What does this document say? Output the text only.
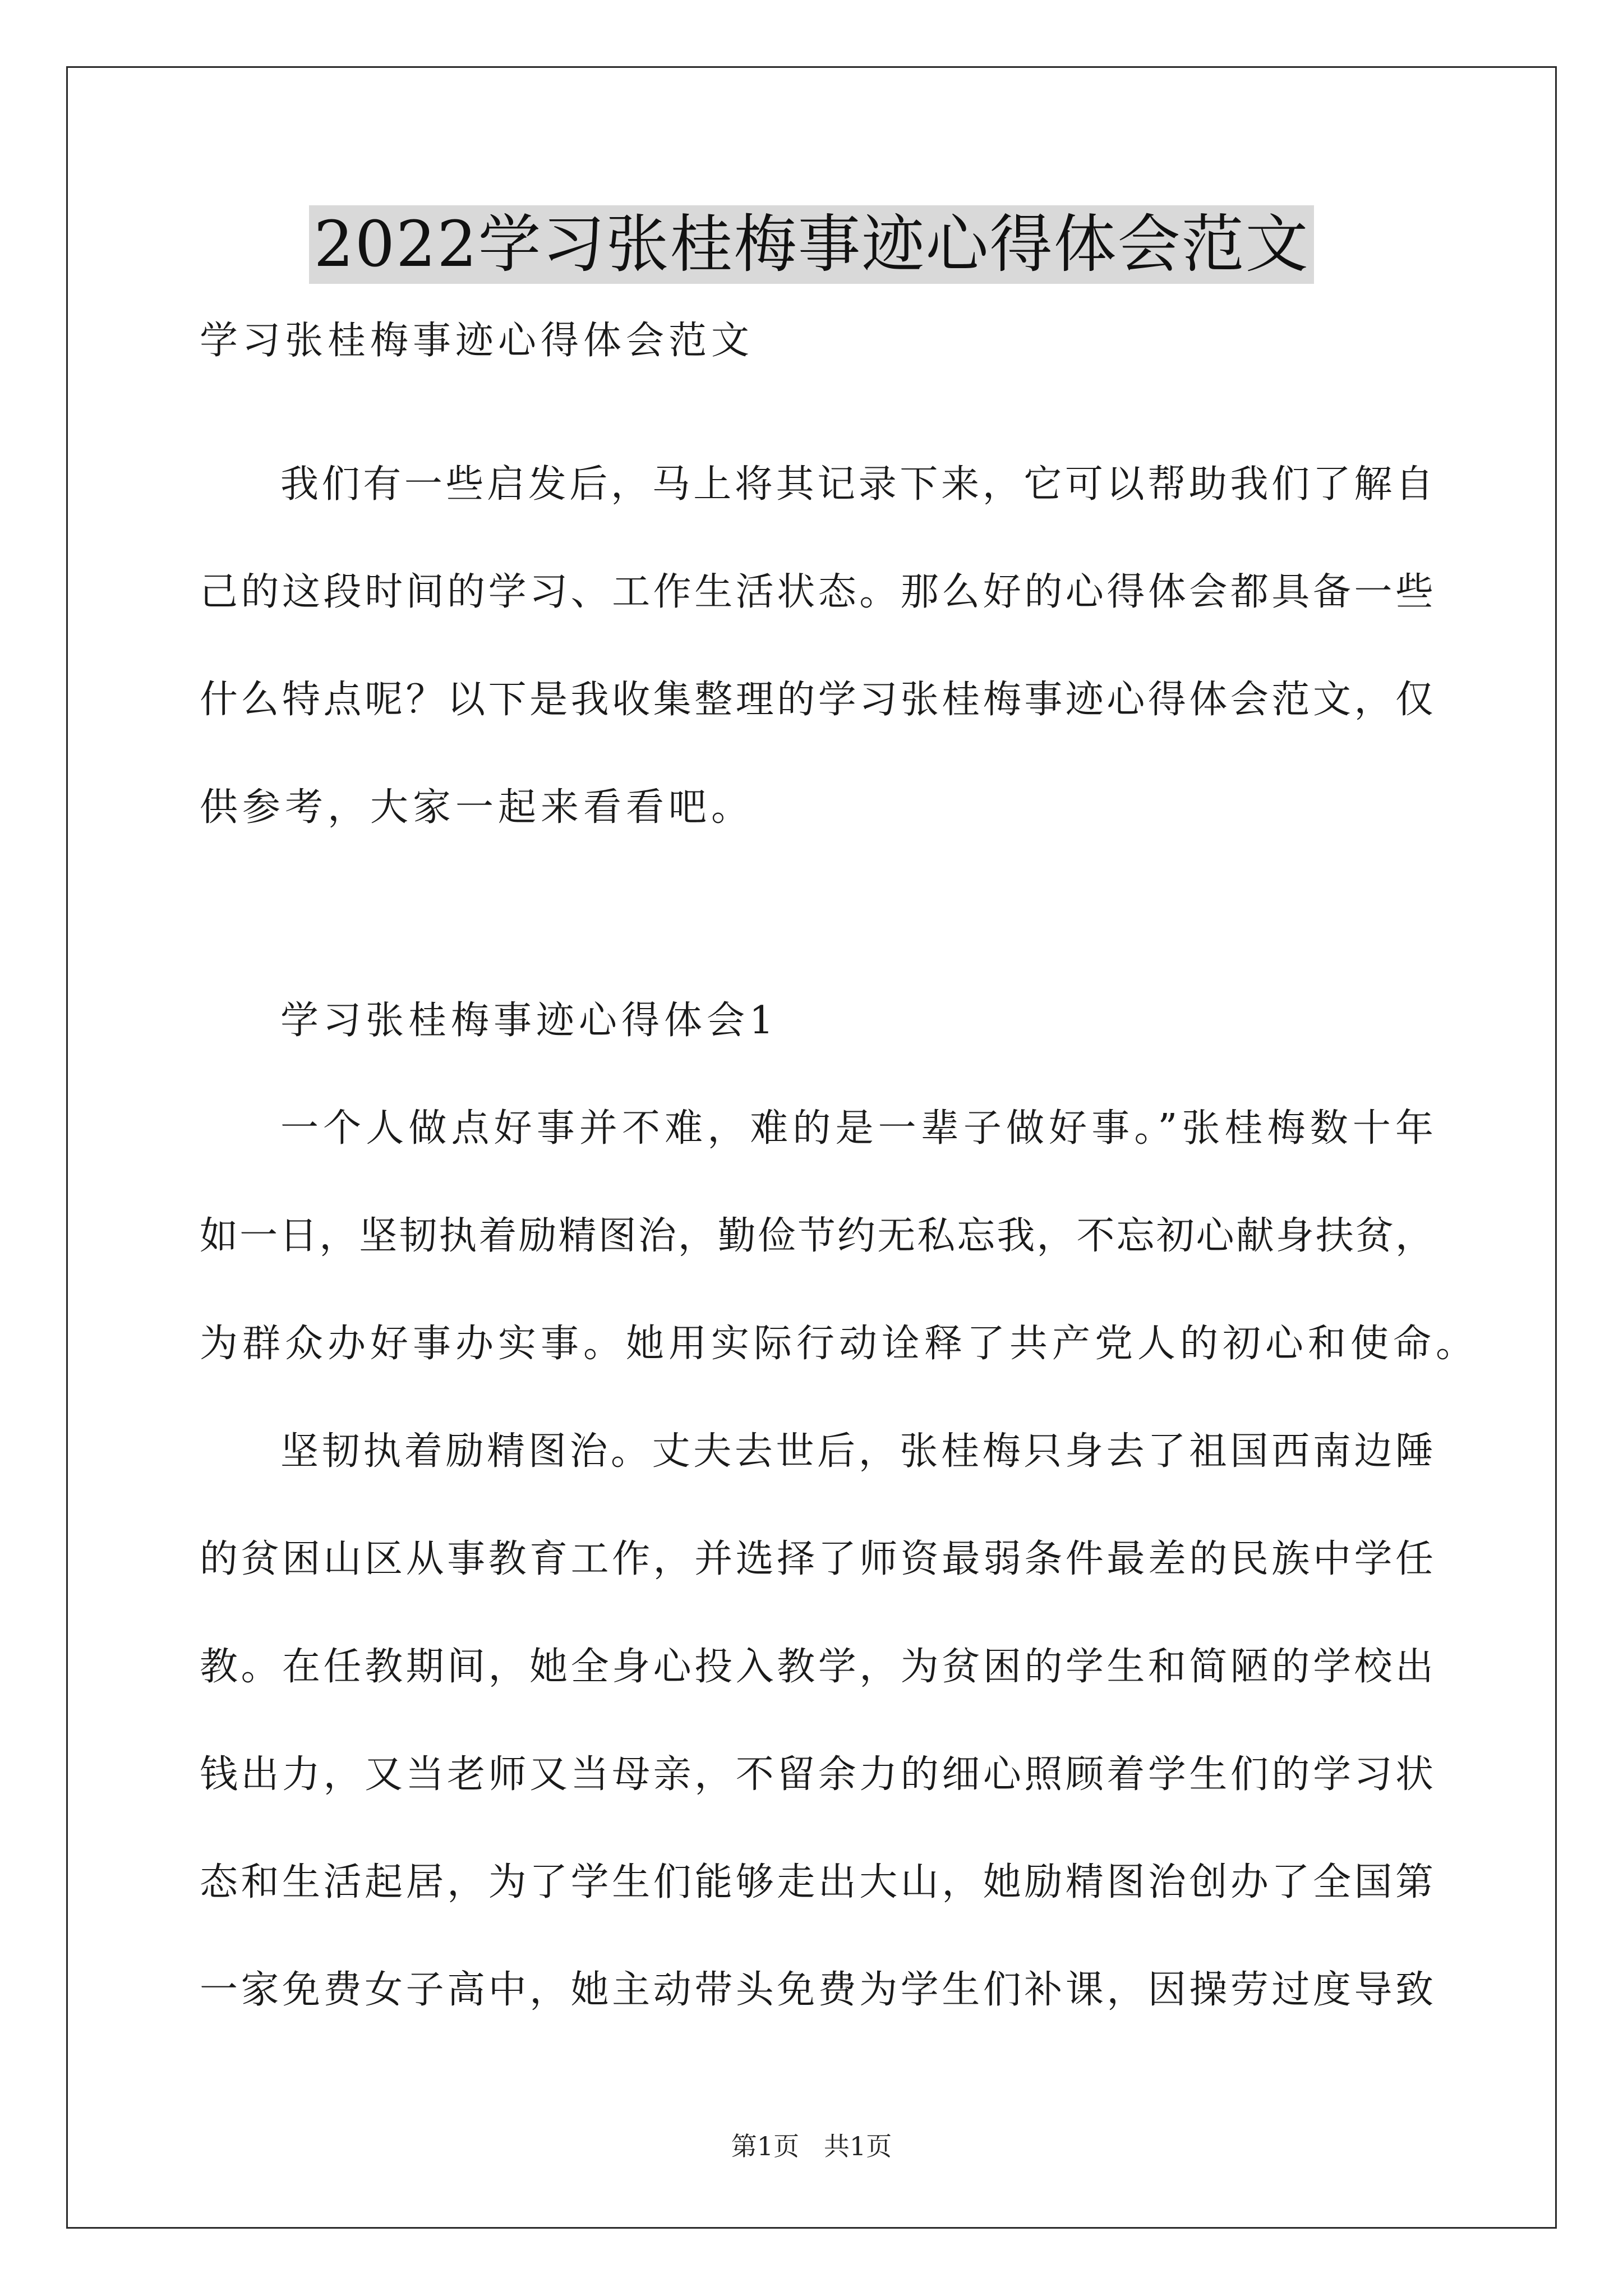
2022学习张桂梅事迹心得体会范文
学习张桂梅事迹心得体会范文
我们有一些启发后，马上将其记录下来，它可以帮助我们了解自
己的这段时间的学习、工作生活状态。那么好的心得体会都具备一些
什么特点呢？以下是我收集整理的学习张桂梅事迹心得体会范文，仅
供参考，大家一起来看看吧。
学习张桂梅事迹心得体会1
一个人做点好事并不难，难的是一辈子做好事。”张桂梅数十年
如一日，坚韧执着励精图治，勤俭节约无私忘我，不忘初心献身扶贫，
为群众办好事办实事。她用实际行动诠释了共产党人的初心和使命。
坚韧执着励精图治。丈夫去世后，张桂梅只身去了祖国西南边陲
的贫困山区从事教育工作，并选择了师资最弱条件最差的民族中学任
教。在任教期间，她全身心投入教学，为贫困的学生和简陋的学校出
钱出力，又当老师又当母亲，不留余力的细心照顾着学生们的学习状
态和生活起居，为了学生们能够走出大山，她励精图治创办了全国第
一家免费女子高中，她主动带头免费为学生们补课，因操劳过度导致
第1页   共1页
